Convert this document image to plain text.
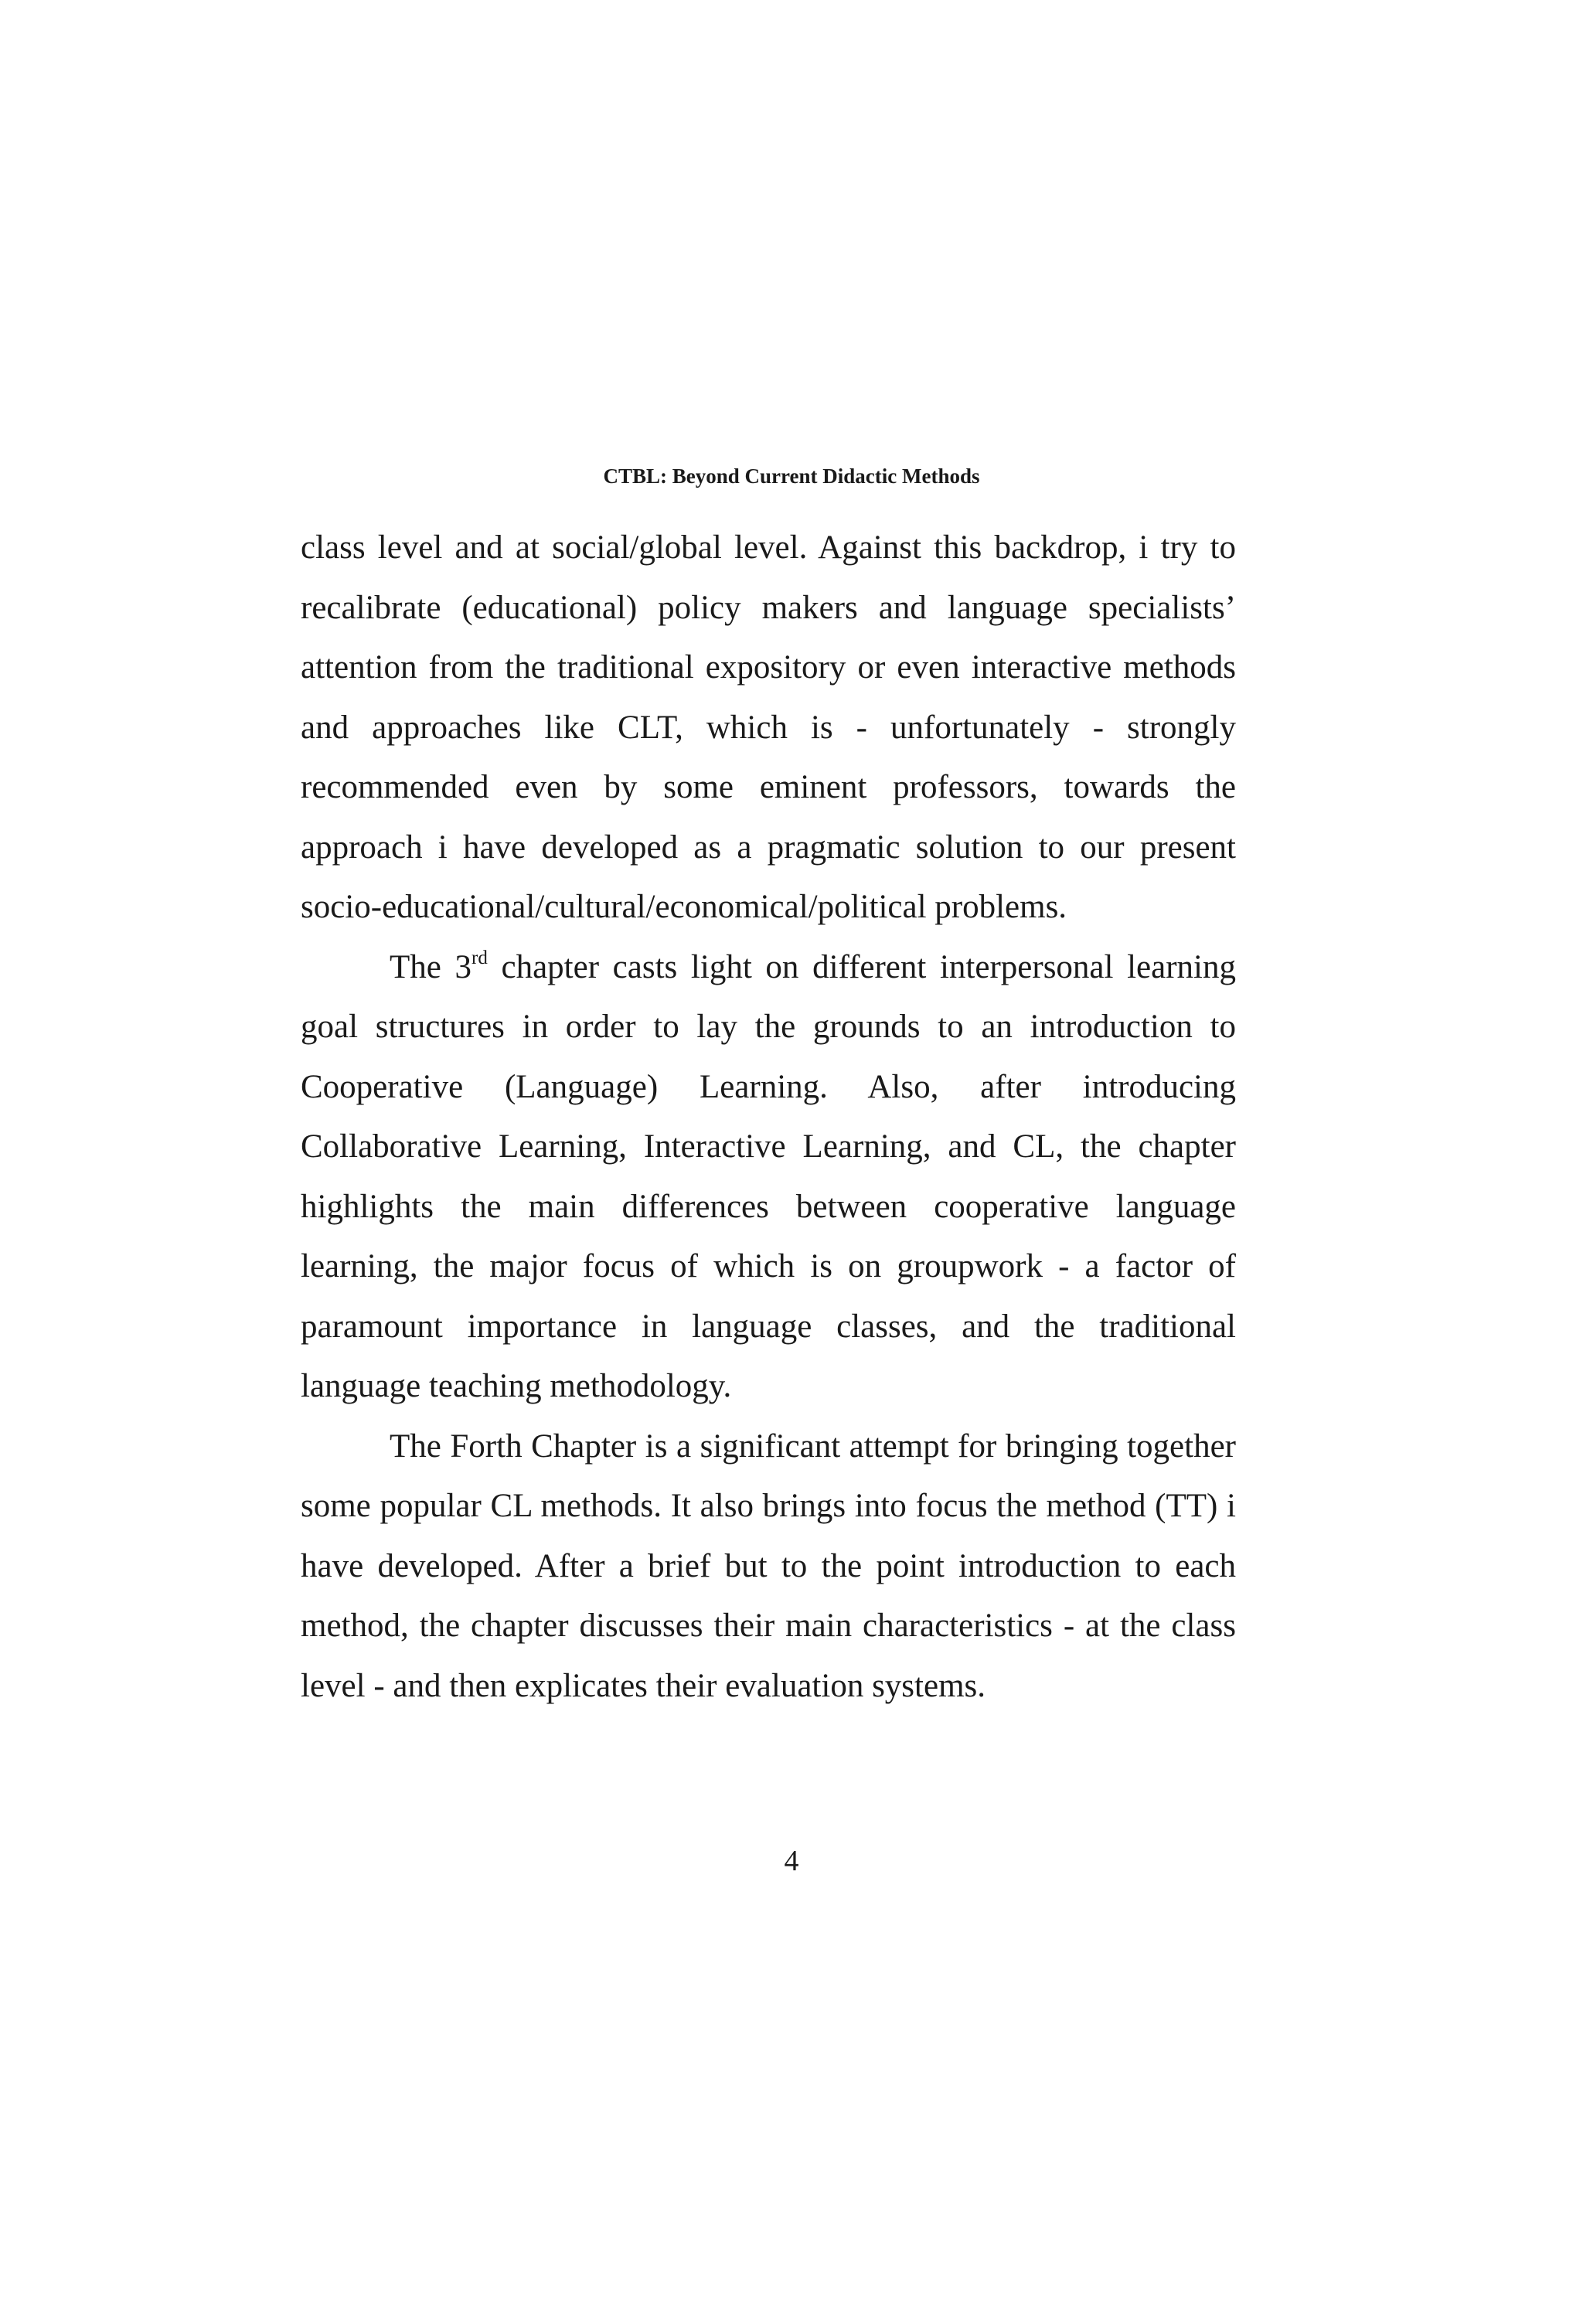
CTBL: Beyond Current Didactic Methods

class level and at social/global level. Against this backdrop, i try to recalibrate (educational) policy makers and language specialists’ attention from the traditional expository or even interactive methods and approaches like CLT, which is - unfortunately - strongly recommended even by some eminent professors, towards the approach i have developed as a pragmatic solution to our present socio-educational/cultural/economical/political problems.

The 3rd chapter casts light on different interpersonal learning goal structures in order to lay the grounds to an introduction to Cooperative (Language) Learning. Also, after introducing Collaborative Learning, Interactive Learning, and CL, the chapter highlights the main differences between cooperative language learning, the major focus of which is on groupwork - a factor of paramount importance in language classes, and the traditional language teaching methodology.

The Forth Chapter is a significant attempt for bringing together some popular CL methods. It also brings into focus the method (TT) i have developed. After a brief but to the point introduction to each method, the chapter discusses their main characteristics - at the class level - and then explicates their evaluation systems.

4
